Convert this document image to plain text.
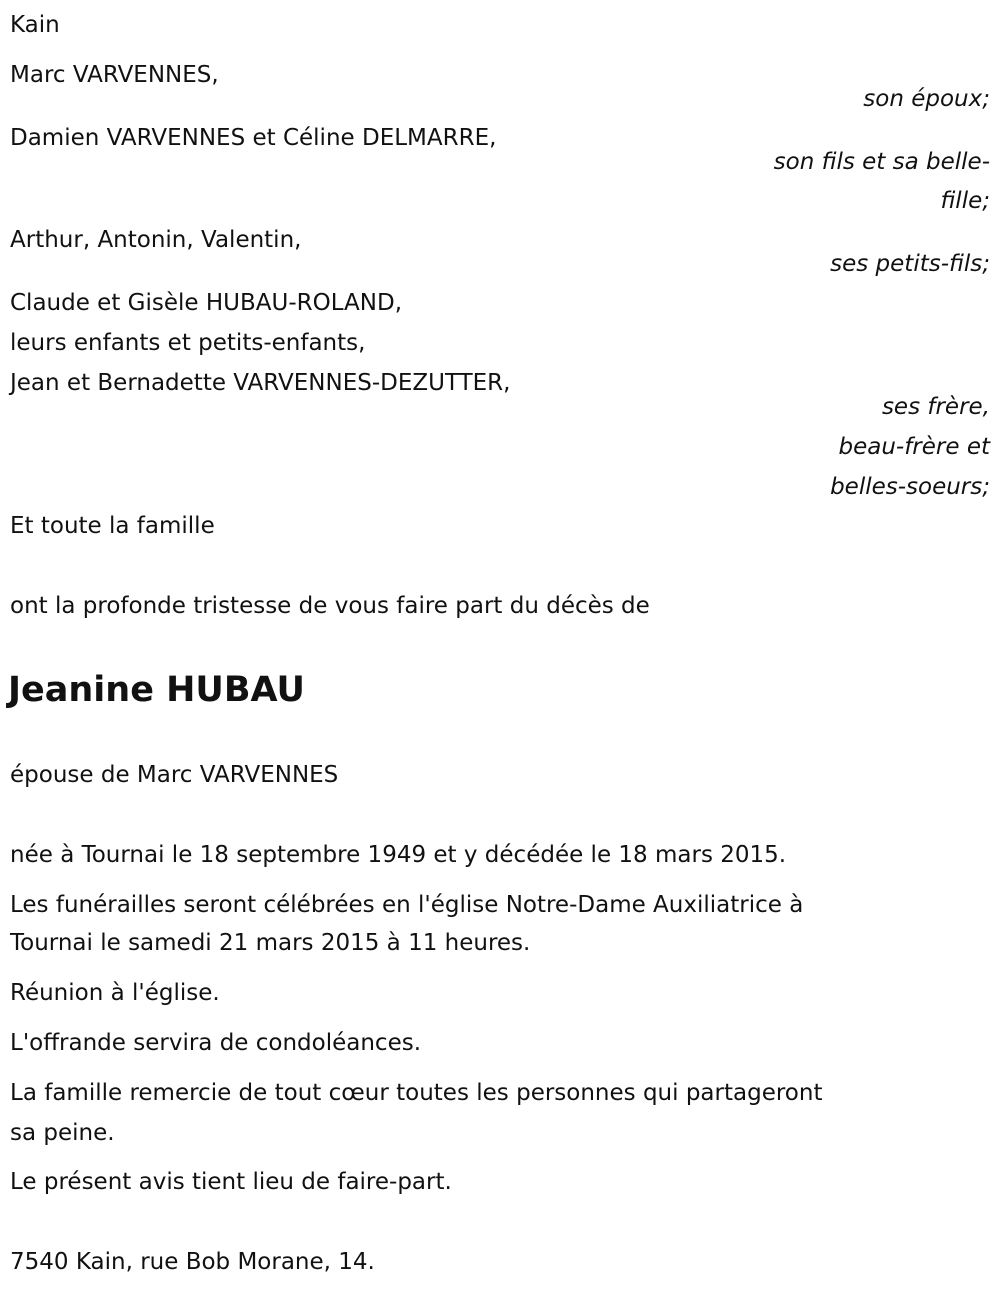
Kain
Marc VARVENNES,
son époux;
Damien VARVENNES et Céline DELMARRE,
son fils et sa belle-
fille;
Arthur, Antonin, Valentin,
ses petits-fils;
Claude et Gisèle HUBAU-ROLAND,
leurs enfants et petits-enfants,
Jean et Bernadette VARVENNES-DEZUTTER,
ses frère,
beau-frère et
belles-soeurs;
Et toute la famille
ont la profonde tristesse de vous faire part du décès de
Jeanine HUBAU
épouse de Marc VARVENNES
née à Tournai le 18 septembre 1949 et y décédée le 18 mars 2015.
Les funérailles seront célébrées en l'église Notre-Dame Auxiliatrice à
Tournai le samedi 21 mars 2015 à 11 heures.
Réunion à l'église.
L'offrande servira de condoléances.
La famille remercie de tout cœur toutes les personnes qui partageront
sa peine.
Le présent avis tient lieu de faire-part.
7540 Kain, rue Bob Morane, 14.
